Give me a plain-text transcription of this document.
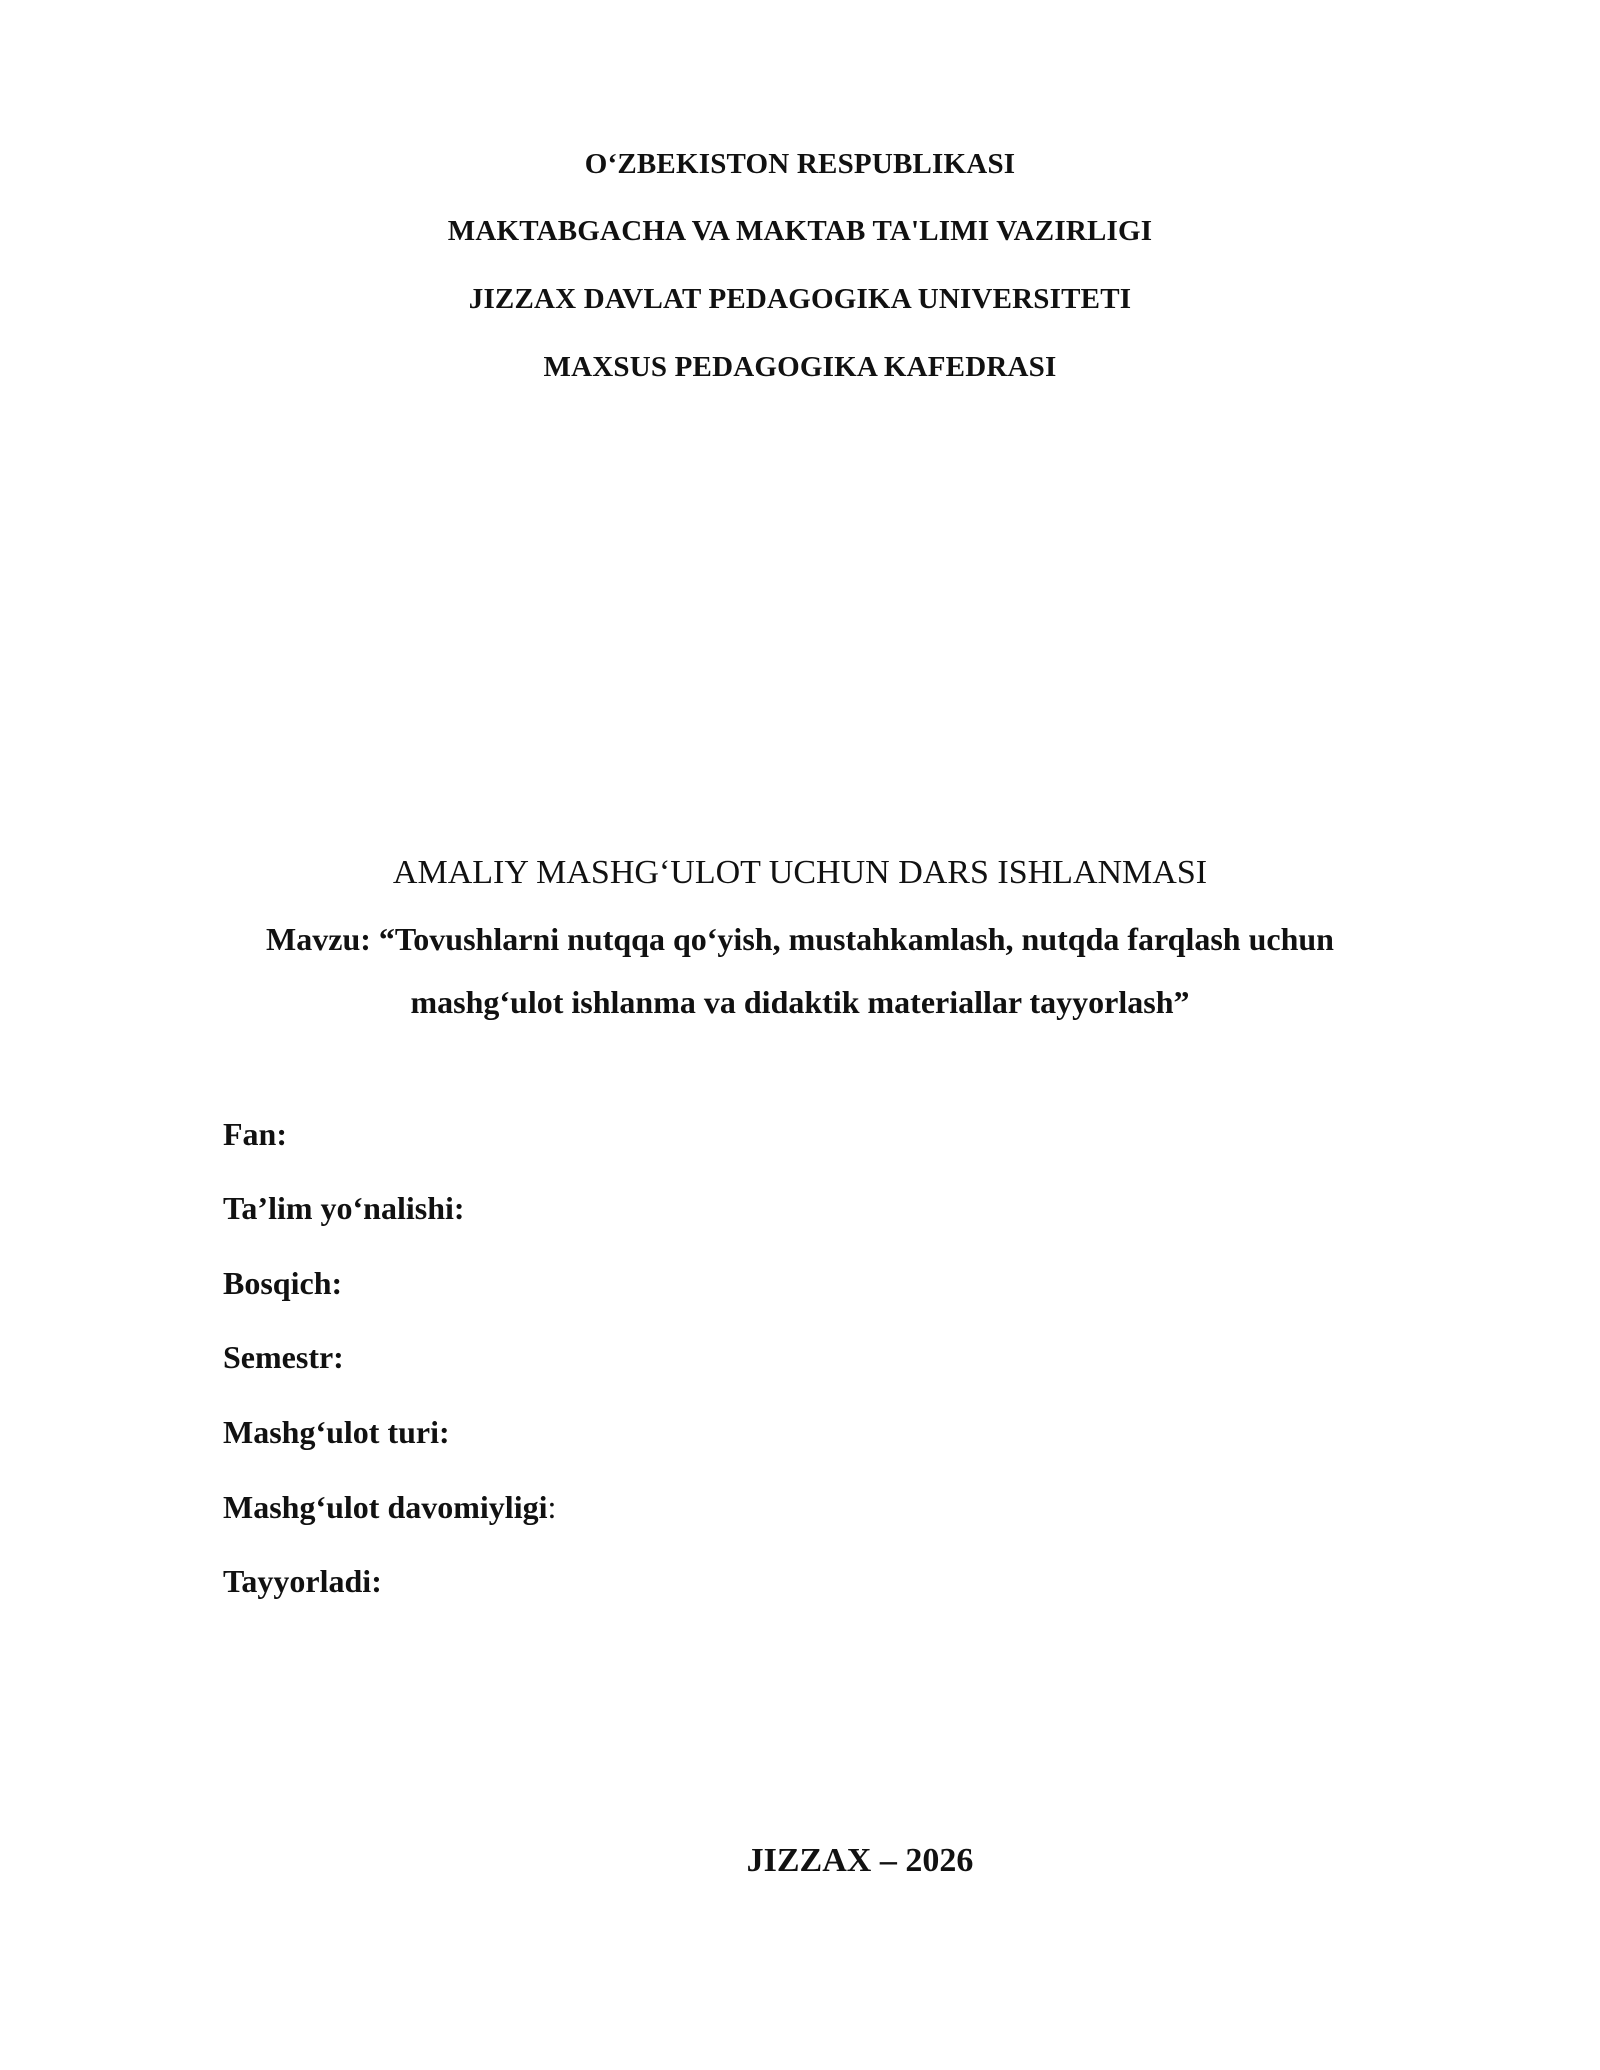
O‘ZBEKISTON RESPUBLIKASI
MAKTABGACHA VA MAKTAB TA'LIMI VAZIRLIGI
JIZZAX DAVLAT PEDAGOGIKA UNIVERSITETI
MAXSUS PEDAGOGIKA KAFEDRASI
AMALIY MASHG‘ULOT UCHUN DARS ISHLANMASI
Mavzu: “Tovushlarni nutqqa qo‘yish, mustahkamlash, nutqda farqlash uchun
mashg‘ulot ishlanma va didaktik materiallar tayyorlash”
Fan:
Ta’lim yo‘nalishi:
Bosqich:
Semestr:
Mashg‘ulot turi:
Mashg‘ulot davomiyligi:
Tayyorladi:
JIZZAX – 2026
